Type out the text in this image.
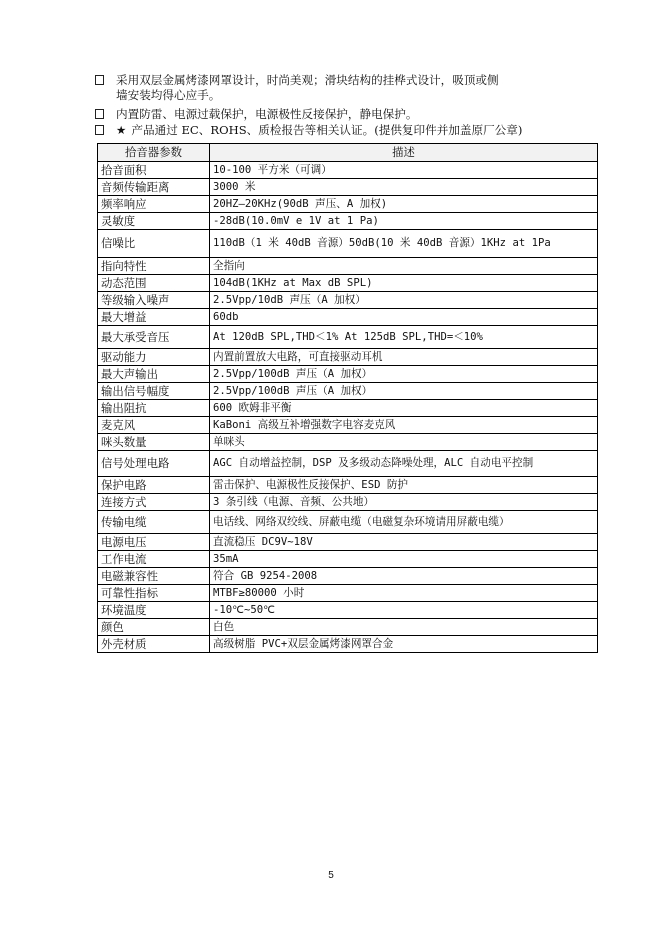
采用双层金属烤漆网罩设计，时尚美观；滑块结构的挂桦式设计，吸顶或侧
墙安装均得心应手。
内置防雷、电源过载保护，电源极性反接保护，静电保护。
★ 产品通过 EC、ROHS、质检报告等相关认证。(提供复印件并加盖原厂公章)
拾音器参数	描述
拾音面积	10-100 平方米（可调）
音频传输距离	3000 米
频率响应	20HZ—20KHz(90dB 声压、A 加权)
灵敏度	-28dB(10.0mV e 1V at 1 Pa)
信噪比	110dB（1 米 40dB 音源）50dB(10 米 40dB 音源）1KHz at 1Pa
指向特性	全指向
动态范围	104dB(1KHz at Max dB SPL)
等级输入噪声	2.5Vpp/10dB 声压（A 加权）
最大增益	60db
最大承受音压	At 120dB SPL,THD＜1% At 125dB SPL,THD=＜10%
驱动能力	内置前置放大电路，可直接驱动耳机
最大声输出	2.5Vpp/100dB 声压（A 加权）
输出信号幅度	2.5Vpp/100dB 声压（A 加权）
输出阻抗	600 欧姆非平衡
麦克风	KaBoni 高级互补增强数字电容麦克风
咪头数量	单咪头
信号处理电路	AGC 自动增益控制，DSP 及多级动态降噪处理，ALC 自动电平控制
保护电路	雷击保护、电源极性反接保护、ESD 防护
连接方式	3 条引线（电源、音频、公共地）
传输电缆	电话线、网络双绞线、屏蔽电缆（电磁复杂环境请用屏蔽电缆）
电源电压	直流稳压 DC9V~18V
工作电流	35mA
电磁兼容性	符合 GB 9254-2008
可靠性指标	MTBF≥80000 小时
环境温度	-10℃~50℃
颜色	白色
外壳材质	高级树脂 PVC+双层金属烤漆网罩合金
5
